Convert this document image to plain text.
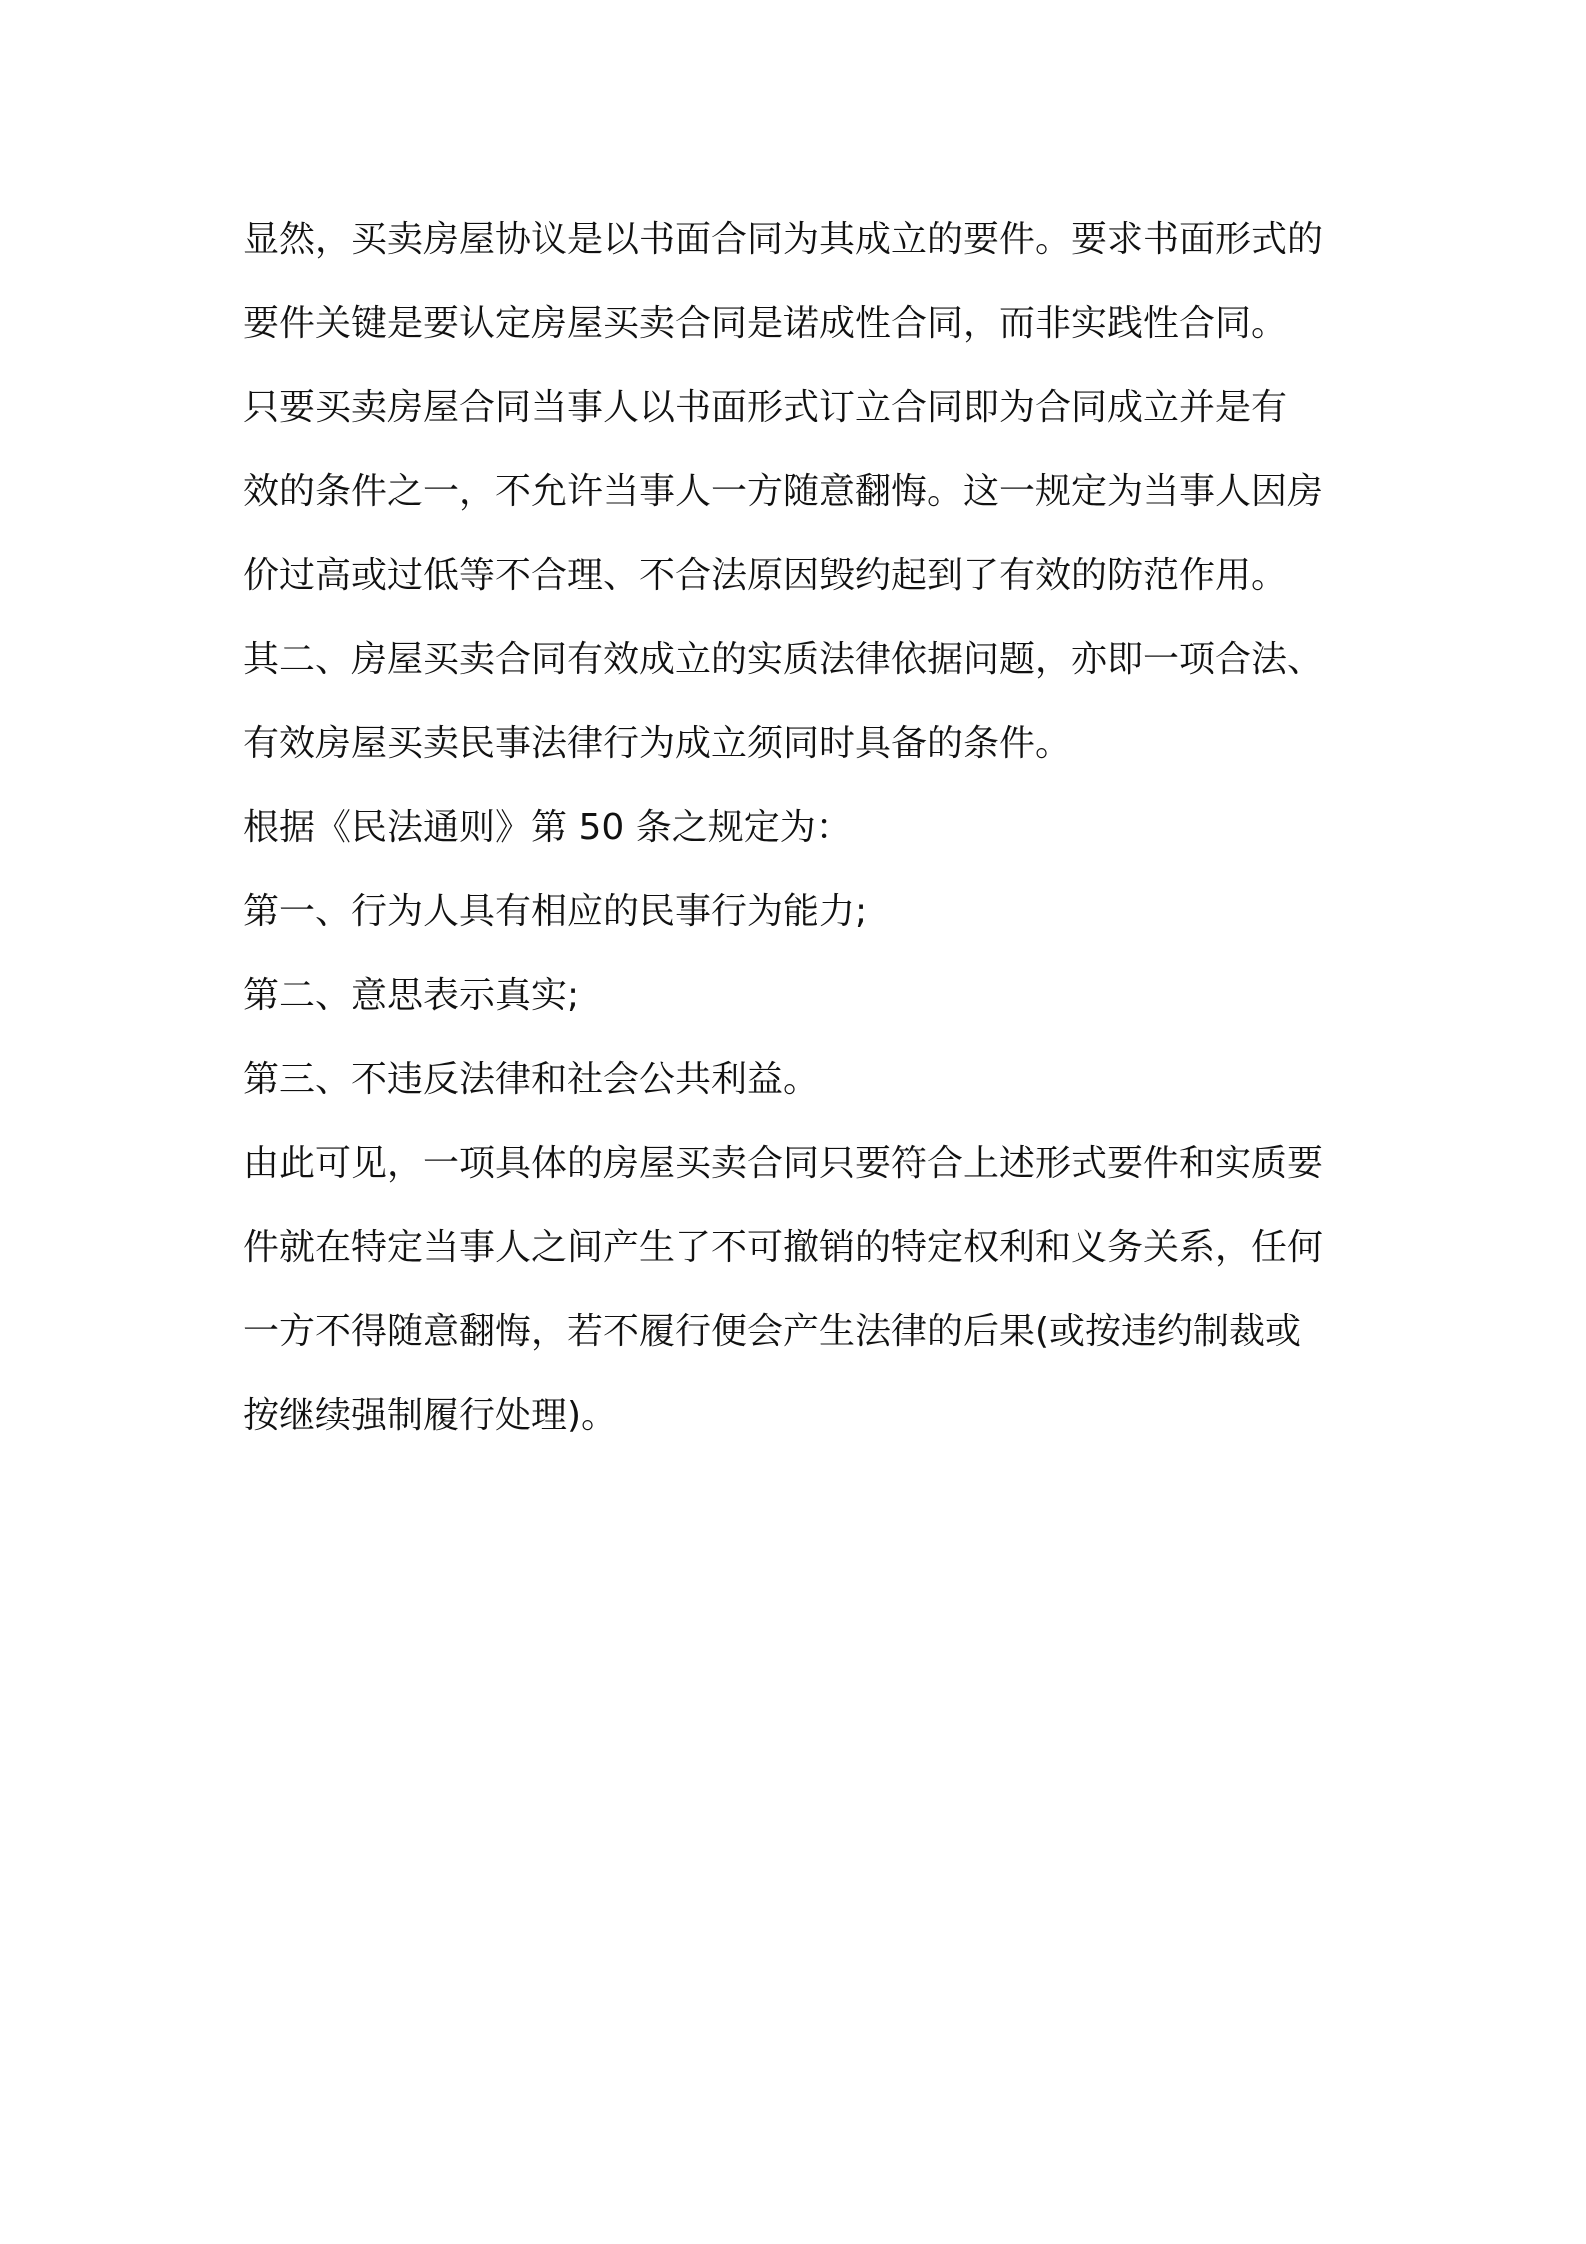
显然，买卖房屋协议是以书面合同为其成立的要件。要求书面形式的
要件关键是要认定房屋买卖合同是诺成性合同，而非实践性合同。
只要买卖房屋合同当事人以书面形式订立合同即为合同成立并是有
效的条件之一，不允许当事人一方随意翻悔。这一规定为当事人因房
价过高或过低等不合理、不合法原因毁约起到了有效的防范作用。
其二、房屋买卖合同有效成立的实质法律依据问题，亦即一项合法、
有效房屋买卖民事法律行为成立须同时具备的条件。
根据《民法通则》第 50 条之规定为：
第一、行为人具有相应的民事行为能力;
第二、意思表示真实;
第三、不违反法律和社会公共利益。
由此可见，一项具体的房屋买卖合同只要符合上述形式要件和实质要
件就在特定当事人之间产生了不可撤销的特定权利和义务关系，任何
一方不得随意翻悔，若不履行便会产生法律的后果(或按违约制裁或
按继续强制履行处理)。
